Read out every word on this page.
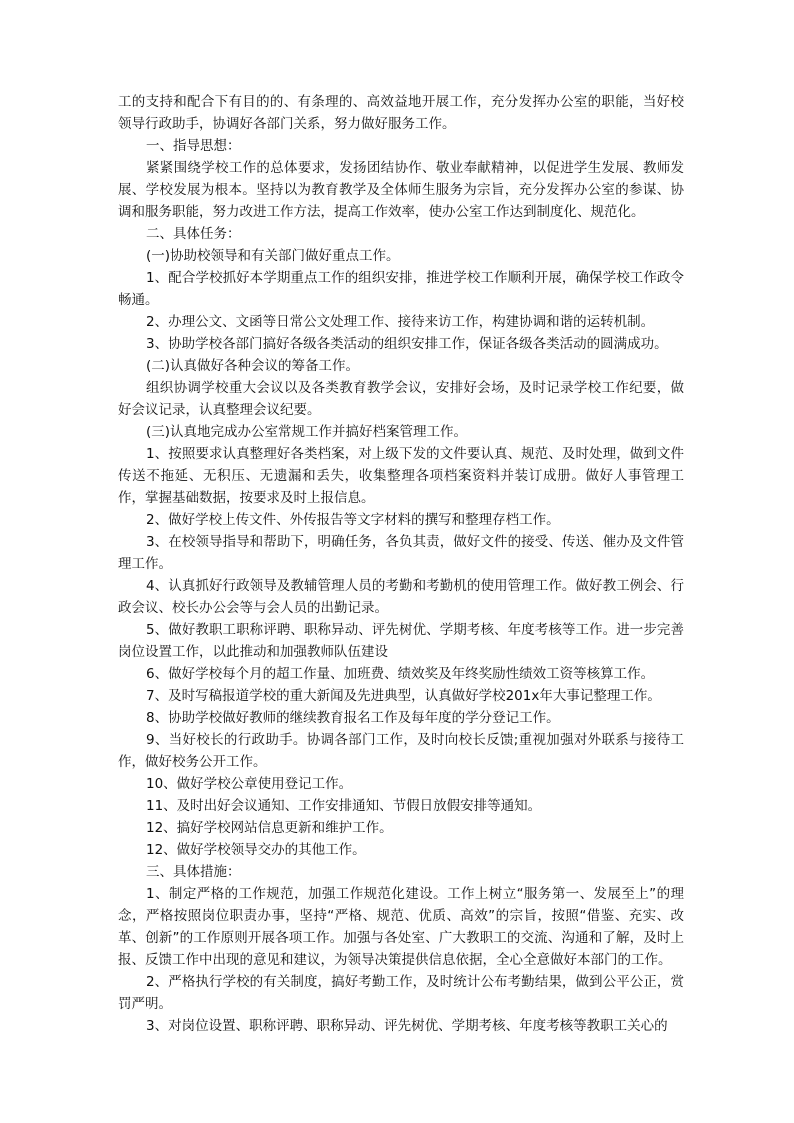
工的支持和配合下有目的的、有条理的、高效益地开展工作，充分发挥办公室的职能，当好校领导行政助手，协调好各部门关系，努力做好服务工作。

一、指导思想：

紧紧围绕学校工作的总体要求，发扬团结协作、敬业奉献精神，以促进学生发展、教师发展、学校发展为根本。坚持以为教育教学及全体师生服务为宗旨，充分发挥办公室的参谋、协调和服务职能，努力改进工作方法，提高工作效率，使办公室工作达到制度化、规范化。

二、具体任务：

(一)协助校领导和有关部门做好重点工作。

1、配合学校抓好本学期重点工作的组织安排，推进学校工作顺利开展，确保学校工作政令畅通。

2、办理公文、文函等日常公文处理工作、接待来访工作，构建协调和谐的运转机制。

3、协助学校各部门搞好各级各类活动的组织安排工作，保证各级各类活动的圆满成功。

(二)认真做好各种会议的筹备工作。

组织协调学校重大会议以及各类教育教学会议，安排好会场，及时记录学校工作纪要，做好会议记录，认真整理会议纪要。

(三)认真地完成办公室常规工作并搞好档案管理工作。

1、按照要求认真整理好各类档案，对上级下发的文件要认真、规范、及时处理，做到文件传送不拖延、无积压、无遗漏和丢失，收集整理各项档案资料并装订成册。做好人事管理工作，掌握基础数据，按要求及时上报信息。

2、做好学校上传文件、外传报告等文字材料的撰写和整理存档工作。

3、在校领导指导和帮助下，明确任务，各负其责，做好文件的接受、传送、催办及文件管理工作。

4、认真抓好行政领导及教辅管理人员的考勤和考勤机的使用管理工作。做好教工例会、行政会议、校长办公会等与会人员的出勤记录。

5、做好教职工职称评聘、职称异动、评先树优、学期考核、年度考核等工作。进一步完善岗位设置工作，以此推动和加强教师队伍建设

6、做好学校每个月的超工作量、加班费、绩效奖及年终奖励性绩效工资等核算工作。

7、及时写稿报道学校的重大新闻及先进典型，认真做好学校201x年大事记整理工作。

8、协助学校做好教师的继续教育报名工作及每年度的学分登记工作。

9、当好校长的行政助手。协调各部门工作，及时向校长反馈;重视加强对外联系与接待工作，做好校务公开工作。

10、做好学校公章使用登记工作。

11、及时出好会议通知、工作安排通知、节假日放假安排等通知。

12、搞好学校网站信息更新和维护工作。

12、做好学校领导交办的其他工作。

三、具体措施：

1、制定严格的工作规范，加强工作规范化建设。工作上树立“服务第一、发展至上”的理念，严格按照岗位职责办事，坚持“严格、规范、优质、高效”的宗旨，按照“借鉴、充实、改革、创新”的工作原则开展各项工作。加强与各处室、广大教职工的交流、沟通和了解，及时上报、反馈工作中出现的意见和建议，为领导决策提供信息依据，全心全意做好本部门的工作。

2、严格执行学校的有关制度，搞好考勤工作，及时统计公布考勤结果，做到公平公正，赏罚严明。

3、对岗位设置、职称评聘、职称异动、评先树优、学期考核、年度考核等教职工关心的
